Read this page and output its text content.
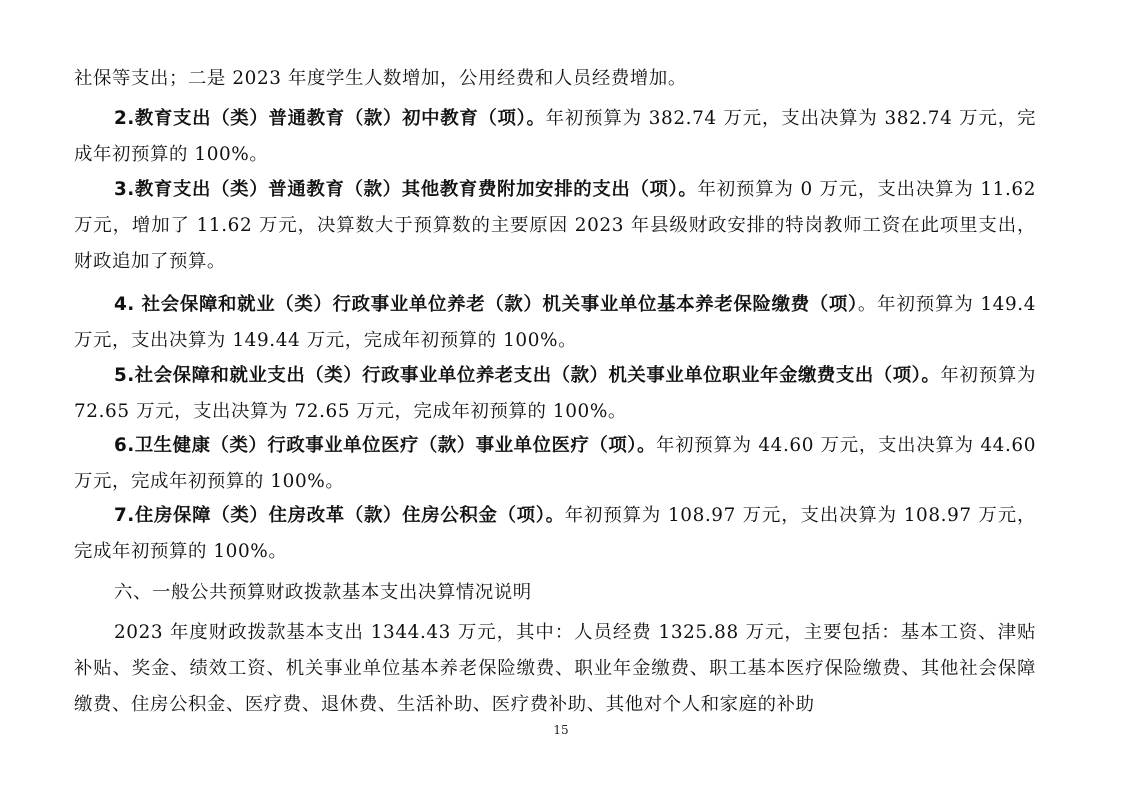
社保等支出；二是 2023 年度学生人数增加，公用经费和人员经费增加。

2.教育支出（类）普通教育（款）初中教育（项）。年初预算为 382.74 万元，支出决算为 382.74 万元，完成年初预算的 100%。

3.教育支出（类）普通教育（款）其他教育费附加安排的支出（项）。年初预算为 0 万元，支出决算为 11.62 万元，增加了 11.62 万元，决算数大于预算数的主要原因 2023 年县级财政安排的特岗教师工资在此项里支出，财政追加了预算。

4. 社会保障和就业（类）行政事业单位养老（款）机关事业单位基本养老保险缴费（项）。年初预算为 149.4 万元，支出决算为 149.44 万元，完成年初预算的 100%。

5.社会保障和就业支出（类）行政事业单位养老支出（款）机关事业单位职业年金缴费支出（项）。年初预算为 72.65 万元，支出决算为 72.65 万元，完成年初预算的 100%。

6.卫生健康（类）行政事业单位医疗（款）事业单位医疗（项）。年初预算为 44.60 万元，支出决算为 44.60 万元，完成年初预算的 100%。

7.住房保障（类）住房改革（款）住房公积金（项）。年初预算为 108.97 万元，支出决算为 108.97 万元，完成年初预算的 100%。

六、一般公共预算财政拨款基本支出决算情况说明

2023 年度财政拨款基本支出 1344.43 万元，其中：人员经费 1325.88 万元，主要包括：基本工资、津贴补贴、奖金、绩效工资、机关事业单位基本养老保险缴费、职业年金缴费、职工基本医疗保险缴费、其他社会保障缴费、住房公积金、医疗费、退休费、生活补助、医疗费补助、其他对个人和家庭的补助

15
